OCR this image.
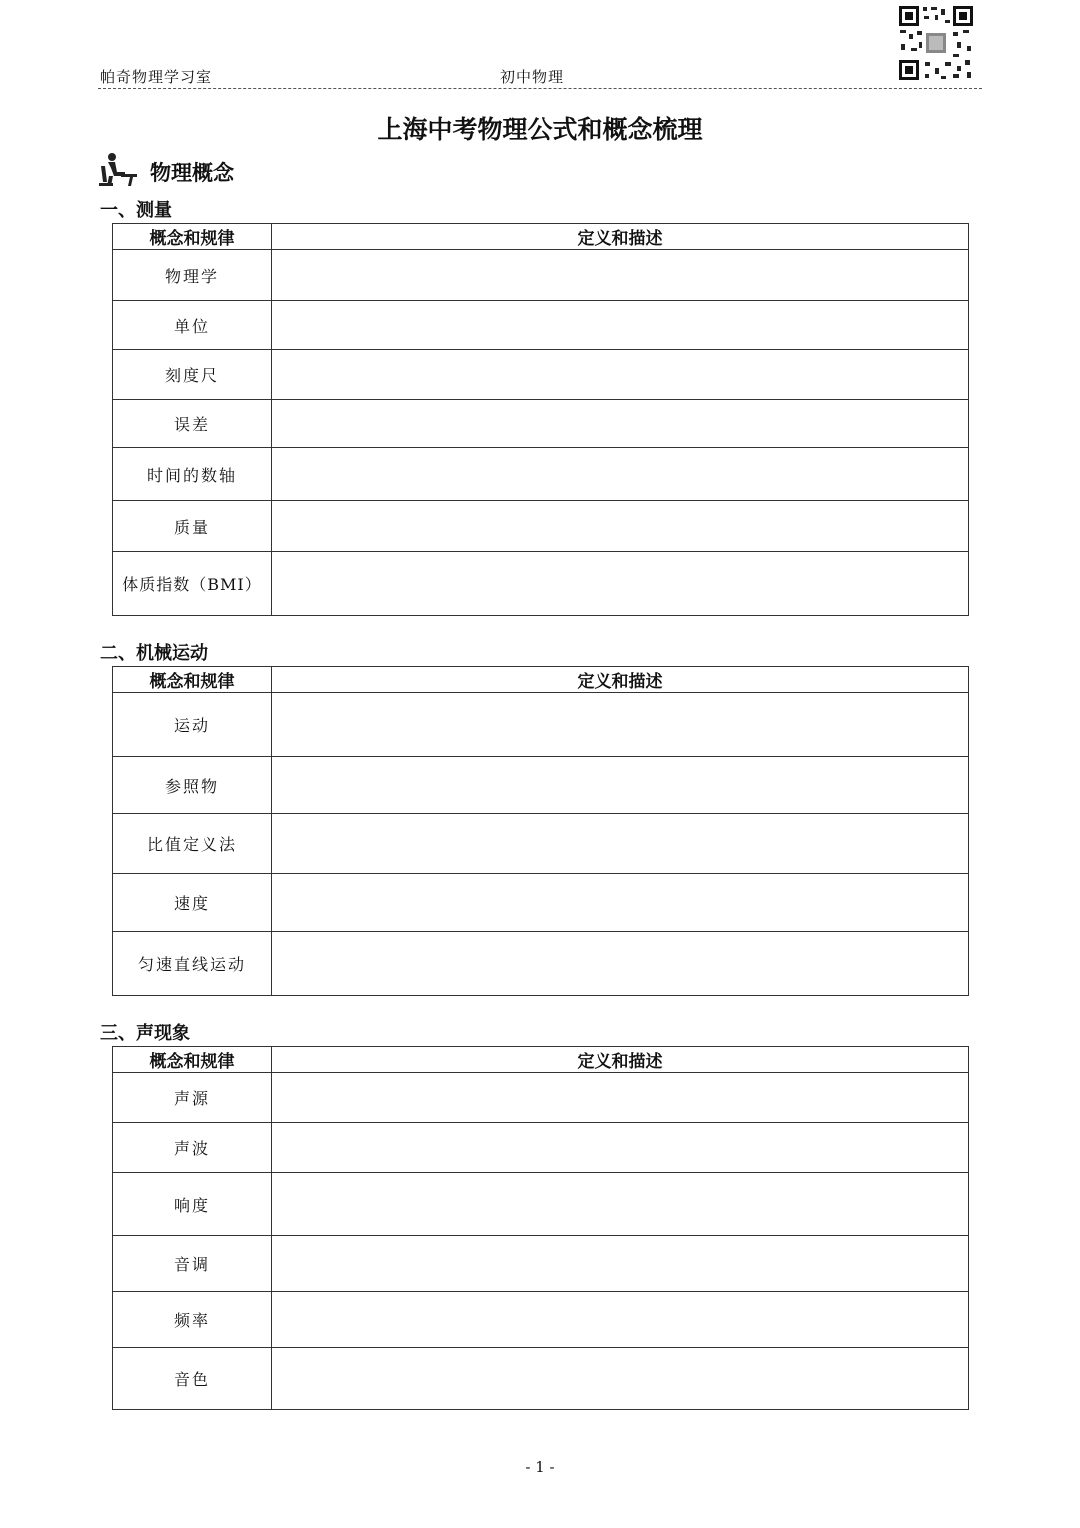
帕奇物理学习室	初中物理
上海中考物理公式和概念梳理
物理概念
一、测量
概念和规律	定义和描述
物理学	
单位	
刻度尺	
误差	
时间的数轴	
质量	
体质指数（BMI）	
二、机械运动
概念和规律	定义和描述
运动	
参照物	
比值定义法	
速度	
匀速直线运动	
三、声现象
概念和规律	定义和描述
声源	
声波	
响度	
音调	
频率	
音色	
- 1 -
